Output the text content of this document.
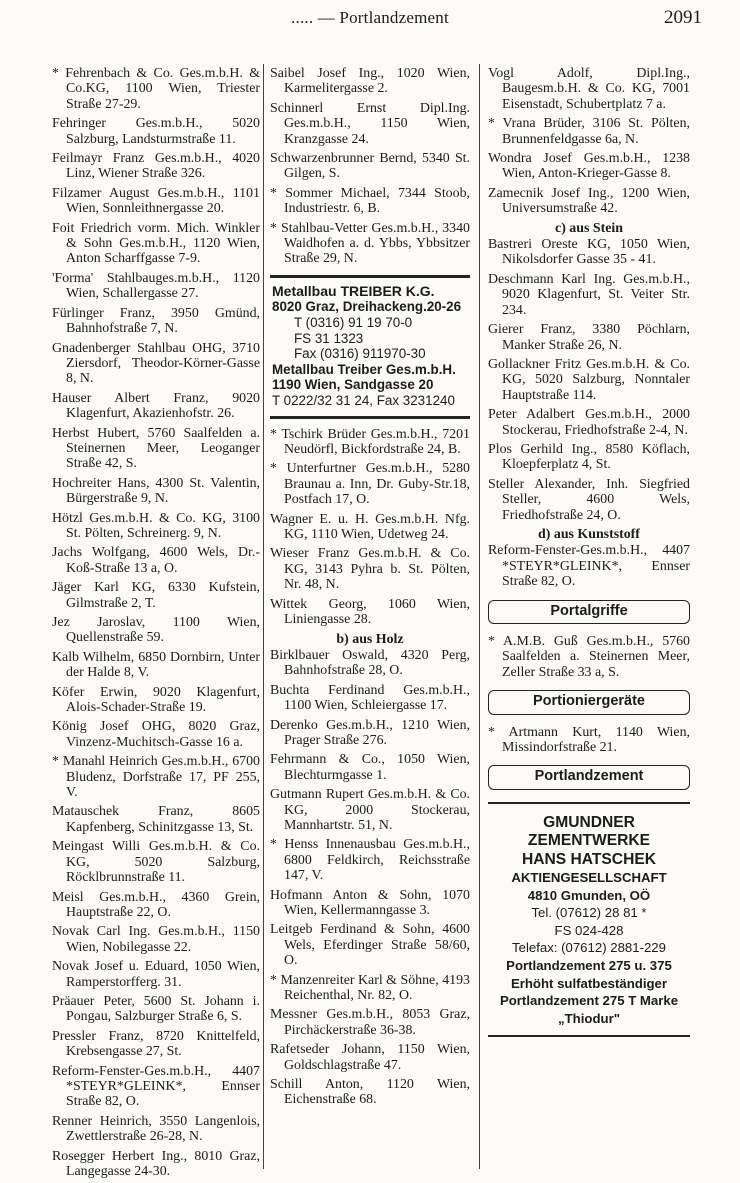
..... — Portlandzement	2091
* Fehrenbach & Co. Ges.m.b.H. & Co.KG, 1100 Wien, Triester Straße 27-29.
Fehringer Ges.m.b.H., 5020 Salzburg, Landsturmstraße 11.
Feilmayr Franz Ges.m.b.H., 4020 Linz, Wiener Straße 326.
Filzamer August Ges.m.b.H., 1101 Wien, Sonnleithnergasse 20.
Foit Friedrich vorm. Mich. Winkler & Sohn Ges.m.b.H., 1120 Wien, Anton Scharffgasse 7-9.
'Forma' Stahlbauges.m.b.H., 1120 Wien, Schallergasse 27.
Fürlinger Franz, 3950 Gmünd, Bahnhofstraße 7, N.
Gnadenberger Stahlbau OHG, 3710 Ziersdorf, Theodor-Körner-Gasse 8, N.
Hauser Albert Franz, 9020 Klagenfurt, Akazienhofstr. 26.
Herbst Hubert, 5760 Saalfelden a. Steinernen Meer, Leoganger Straße 42, S.
Hochreiter Hans, 4300 St. Valentin, Bürgerstraße 9, N.
Hötzl Ges.m.b.H. & Co. KG, 3100 St. Pölten, Schreinerg. 9, N.
Jachs Wolfgang, 4600 Wels, Dr.-Koß-Straße 13 a, O.
Jäger Karl KG, 6330 Kufstein, Gilmstraße 2, T.
Jez Jaroslav, 1100 Wien, Quellenstraße 59.
Kalb Wilhelm, 6850 Dornbirn, Unter der Halde 8, V.
Köfer Erwin, 9020 Klagenfurt, Alois-Schader-Straße 19.
König Josef OHG, 8020 Graz, Vinzenz-Muchitsch-Gasse 16 a.
* Manahl Heinrich Ges.m.b.H., 6700 Bludenz, Dorfstraße 17, PF 255, V.
Matauschek Franz, 8605 Kapfenberg, Schinitzgasse 13, St.
Meingast Willi Ges.m.b.H. & Co. KG, 5020 Salzburg, Röcklbrunnstraße 11.
Meisl Ges.m.b.H., 4360 Grein, Hauptstraße 22, O.
Novak Carl Ing. Ges.m.b.H., 1150 Wien, Nobilegasse 22.
Novak Josef u. Eduard, 1050 Wien, Ramperstorfferg. 31.
Präauer Peter, 5600 St. Johann i. Pongau, Salzburger Straße 6, S.
Pressler Franz, 8720 Knittelfeld, Krebsengasse 27, St.
Reform-Fenster-Ges.m.b.H., 4407 *STEYR*GLEINK*, Ennser Straße 82, O.
Renner Heinrich, 3550 Langenlois, Zwettlerstraße 26-28, N.
Rosegger Herbert Ing., 8010 Graz, Langegasse 24-30.
Saibel Josef Ing., 1020 Wien, Karmelitergasse 2.
Schinnerl Ernst Dipl.Ing. Ges.m.b.H., 1150 Wien, Kranzgasse 24.
Schwarzenbrunner Bernd, 5340 St. Gilgen, S.
* Sommer Michael, 7344 Stoob, Industriestr. 6, B.
* Stahlbau-Vetter Ges.m.b.H., 3340 Waidhofen a. d. Ybbs, Ybbsitzer Straße 29, N.
Metallbau TREIBER K.G.
8020 Graz, Dreihackeng.20-26
T (0316) 91 19 70-0
FS 31 1323
Fax (0316) 911970-30
Metallbau Treiber Ges.m.b.H.
1190 Wien, Sandgasse 20
T 0222/32 31 24, Fax 3231240
* Tschirk Brüder Ges.m.b.H., 7201 Neudörfl, Bickfordstraße 24, B.
* Unterfurtner Ges.m.b.H., 5280 Braunau a. Inn, Dr. Guby-Str.18, Postfach 17, O.
Wagner E. u. H. Ges.m.b.H. Nfg. KG, 1110 Wien, Udetweg 24.
Wieser Franz Ges.m.b.H. & Co. KG, 3143 Pyhra b. St. Pölten, Nr. 48, N.
Wittek Georg, 1060 Wien, Liniengasse 28.
b) aus Holz
Birklbauer Oswald, 4320 Perg, Bahnhofstraße 28, O.
Buchta Ferdinand Ges.m.b.H., 1100 Wien, Schleiergasse 17.
Derenko Ges.m.b.H., 1210 Wien, Prager Straße 276.
Fehrmann & Co., 1050 Wien, Blechturmgasse 1.
Gutmann Rupert Ges.m.b.H. & Co. KG, 2000 Stockerau, Mannhartstr. 51, N.
* Henss Innenausbau Ges.m.b.H., 6800 Feldkirch, Reichsstraße 147, V.
Hofmann Anton & Sohn, 1070 Wien, Kellermanngasse 3.
Leitgeb Ferdinand & Sohn, 4600 Wels, Eferdinger Straße 58/60, O.
* Manzenreiter Karl & Söhne, 4193 Reichenthal, Nr. 82, O.
Messner Ges.m.b.H., 8053 Graz, Pirchäckerstraße 36-38.
Rafetseder Johann, 1150 Wien, Goldschlagstraße 47.
Schill Anton, 1120 Wien, Eichenstraße 68.
Vogl Adolf, Dipl.Ing., Baugesm.b.H. & Co. KG, 7001 Eisenstadt, Schubertplatz 7 a.
* Vrana Brüder, 3106 St. Pölten, Brunnenfeldgasse 6a, N.
Wondra Josef Ges.m.b.H., 1238 Wien, Anton-Krieger-Gasse 8.
Zamecnik Josef Ing., 1200 Wien, Universumstraße 42.
c) aus Stein
Bastreri Oreste KG, 1050 Wien, Nikolsdorfer Gasse 35 - 41.
Deschmann Karl Ing. Ges.m.b.H., 9020 Klagenfurt, St. Veiter Str. 234.
Gierer Franz, 3380 Pöchlarn, Manker Straße 26, N.
Gollackner Fritz Ges.m.b.H. & Co. KG, 5020 Salzburg, Nonntaler Hauptstraße 114.
Peter Adalbert Ges.m.b.H., 2000 Stockerau, Friedhofstraße 2-4, N.
Plos Gerhild Ing., 8580 Köflach, Kloepferplatz 4, St.
Steller Alexander, Inh. Siegfried Steller, 4600 Wels, Friedhofstraße 24, O.
d) aus Kunststoff
Reform-Fenster-Ges.m.b.H., 4407 *STEYR*GLEINK*, Ennser Straße 82, O.
Portalgriffe
* A.M.B. Guß Ges.m.b.H., 5760 Saalfelden a. Steinernen Meer, Zeller Straße 33 a, S.
Portioniergeräte
* Artmann Kurt, 1140 Wien, Missindorfstraße 21.
Portlandzement
GMUNDNER
ZEMENTWERKE
HANS HATSCHEK
AKTIENGESELLSCHAFT
4810 Gmunden, OÖ
Tel. (07612) 28 81 *
FS 024-428
Telefax: (07612) 2881-229
Portlandzement 275 u. 375
Erhöht sulfatbeständiger
Portlandzement 275 T Marke
„Thiodur"
